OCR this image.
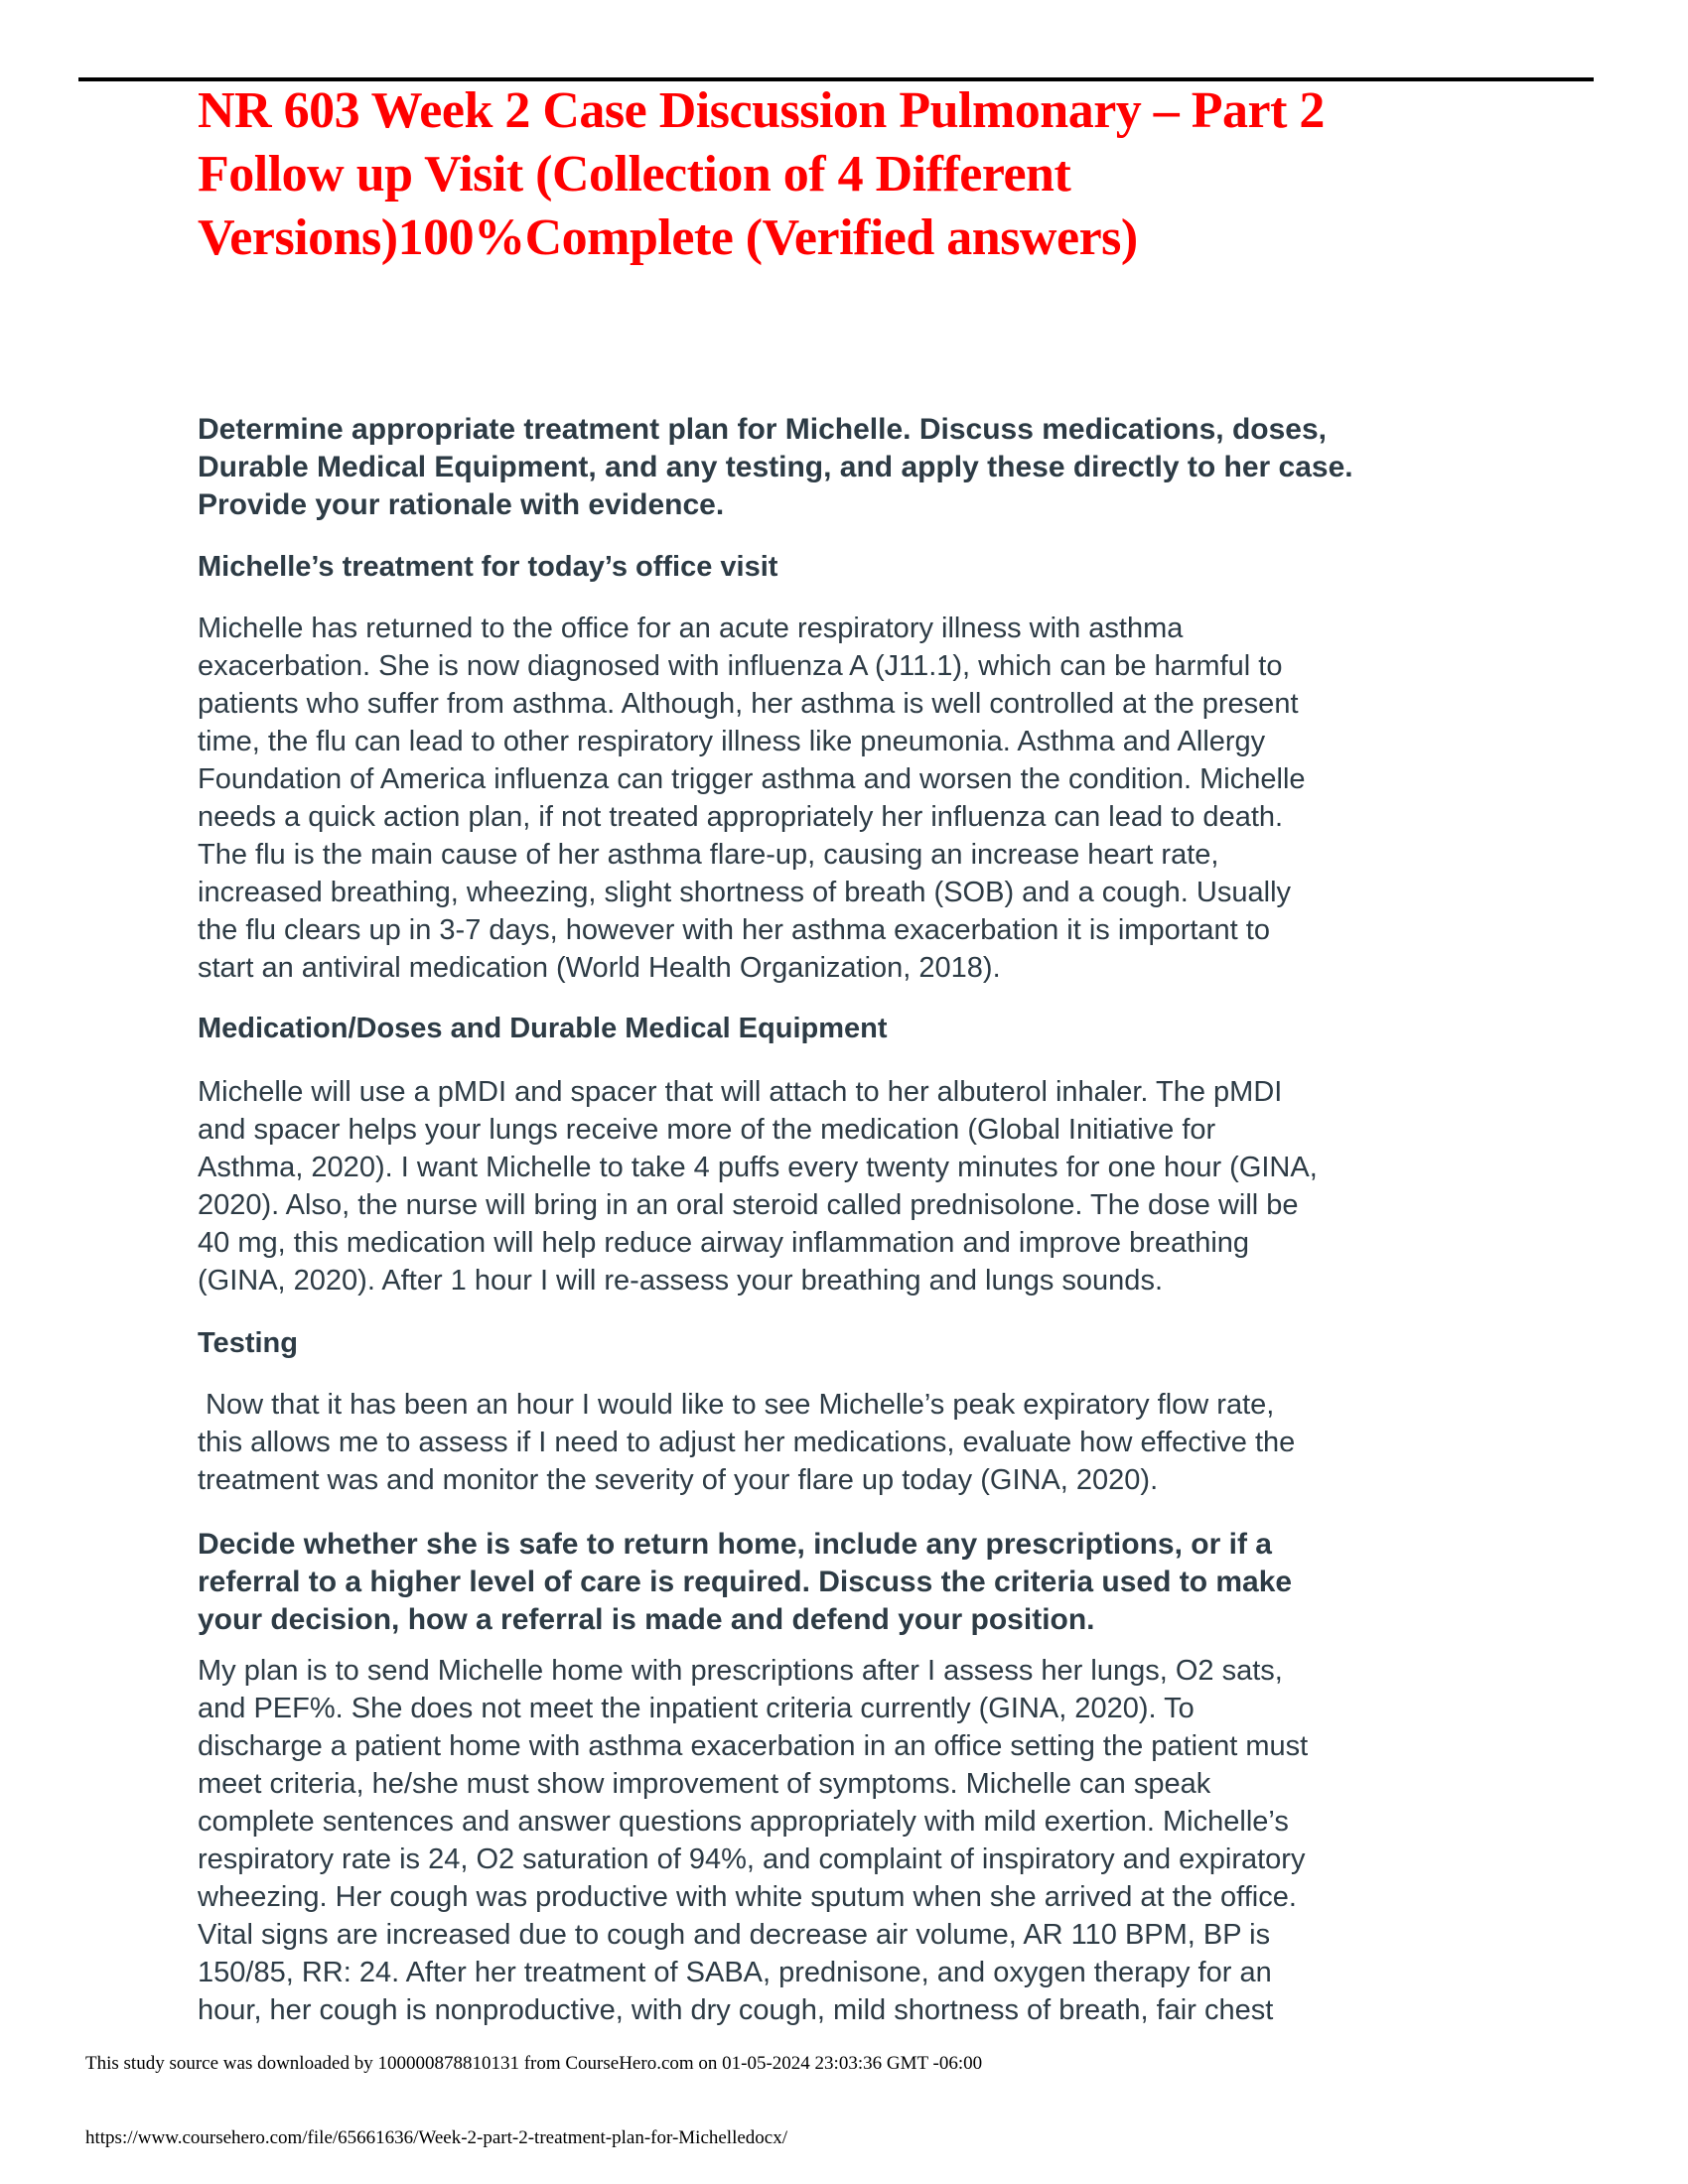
NR 603 Week 2 Case Discussion Pulmonary – Part 2
Follow up Visit (Collection of 4 Different
Versions)100%Complete (Verified answers)
Determine appropriate treatment plan for Michelle. Discuss medications, doses,
Durable Medical Equipment, and any testing, and apply these directly to her case.
Provide your rationale with evidence.
Michelle’s treatment for today’s office visit
Michelle has returned to the office for an acute respiratory illness with asthma
exacerbation. She is now diagnosed with influenza A (J11.1), which can be harmful to
patients who suffer from asthma. Although, her asthma is well controlled at the present
time, the flu can lead to other respiratory illness like pneumonia. Asthma and Allergy
Foundation of America influenza can trigger asthma and worsen the condition. Michelle
needs a quick action plan, if not treated appropriately her influenza can lead to death.
The flu is the main cause of her asthma flare-up, causing an increase heart rate,
increased breathing, wheezing, slight shortness of breath (SOB) and a cough. Usually
the flu clears up in 3-7 days, however with her asthma exacerbation it is important to
start an antiviral medication (World Health Organization, 2018).
Medication/Doses and Durable Medical Equipment
Michelle will use a pMDI and spacer that will attach to her albuterol inhaler. The pMDI
and spacer helps your lungs receive more of the medication (Global Initiative for
Asthma, 2020). I want Michelle to take 4 puffs every twenty minutes for one hour (GINA,
2020). Also, the nurse will bring in an oral steroid called prednisolone. The dose will be
40 mg, this medication will help reduce airway inflammation and improve breathing
(GINA, 2020). After 1 hour I will re-assess your breathing and lungs sounds.
Testing
Now that it has been an hour I would like to see Michelle’s peak expiratory flow rate,
this allows me to assess if I need to adjust her medications, evaluate how effective the
treatment was and monitor the severity of your flare up today (GINA, 2020).
Decide whether she is safe to return home, include any prescriptions, or if a
referral to a higher level of care is required. Discuss the criteria used to make
your decision, how a referral is made and defend your position.
My plan is to send Michelle home with prescriptions after I assess her lungs, O2 sats,
and PEF%. She does not meet the inpatient criteria currently (GINA, 2020). To
discharge a patient home with asthma exacerbation in an office setting the patient must
meet criteria, he/she must show improvement of symptoms. Michelle can speak
complete sentences and answer questions appropriately with mild exertion. Michelle’s
respiratory rate is 24, O2 saturation of 94%, and complaint of inspiratory and expiratory
wheezing. Her cough was productive with white sputum when she arrived at the office.
Vital signs are increased due to cough and decrease air volume, AR 110 BPM, BP is
150/85, RR: 24. After her treatment of SABA, prednisone, and oxygen therapy for an
hour, her cough is nonproductive, with dry cough, mild shortness of breath, fair chest
This study source was downloaded by 100000878810131 from CourseHero.com on 01-05-2024 23:03:36 GMT -06:00
https://www.coursehero.com/file/65661636/Week-2-part-2-treatment-plan-for-Michelledocx/
